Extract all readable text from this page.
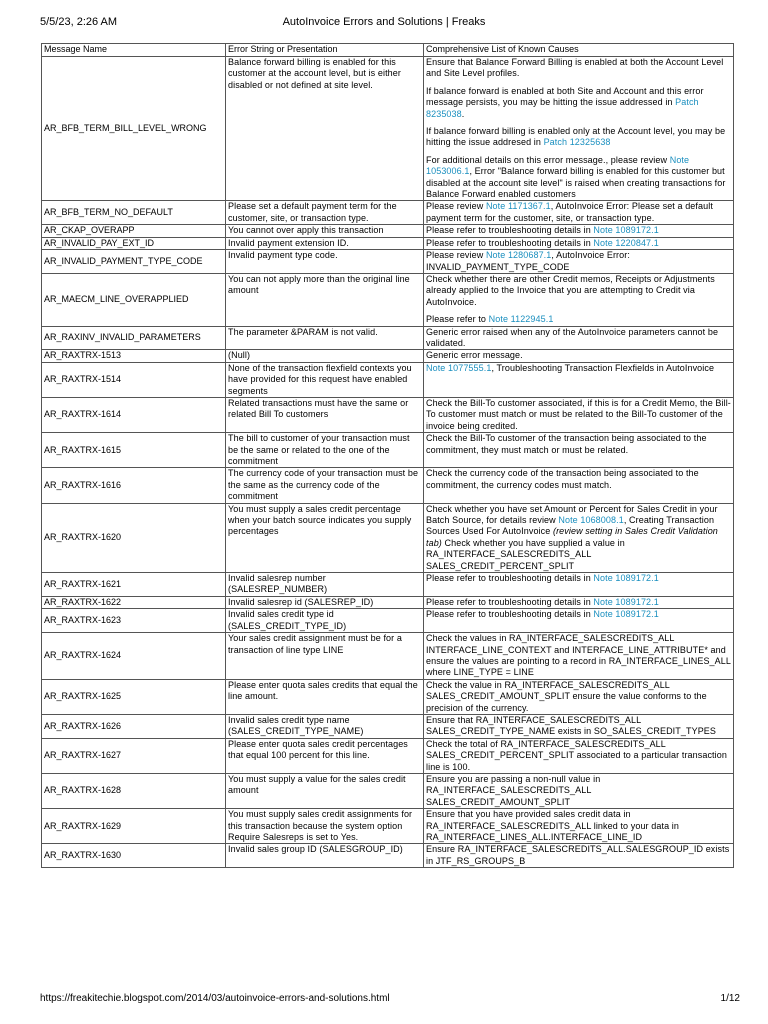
5/5/23, 2:26 AM	AutoInvoice Errors and Solutions | Freaks
Message Name	Error String or Presentation	Comprehensive List of Known Causes
AR_BFB_TERM_BILL_LEVEL_WRONG	Balance forward billing is enabled for this customer at the account level, but is either disabled or not defined at site level.	Ensure that Balance Forward Billing is enabled at both the Account Level and Site Level profiles.

If balance forward is enabled at both Site and Account and this error message persists, you may be hitting the issue addressed in Patch 8235038.

If balance forward billing is enabled only at the Account level, you may be hitting the issue addresed in Patch 12325638

For additional details on this error message., please review Note 1053006.1, Error "Balance forward billing is enabled for this customer but disabled at the account site level" is raised when creating transactions for Balance Forward enabled customers

AR_BFB_TERM_NO_DEFAULT	Please set a default payment term for the customer, site, or transaction type.	Please review Note 1171367.1, AutoInvoice Error: Please set a default payment term for the customer, site, or transaction type.

AR_CKAP_OVERAPP	You cannot over apply this transaction	Please refer to troubleshooting details in Note 1089172.1

AR_INVALID_PAY_EXT_ID	Invalid payment extension ID.	Please refer to troubleshooting details in Note 1220847.1

AR_INVALID_PAYMENT_TYPE_CODE	Invalid payment type code.	Please review Note 1280687.1, AutoInvoice Error: INVALID_PAYMENT_TYPE_CODE

AR_MAECM_LINE_OVERAPPLIED	You can not apply more than the original line amount	Check whether there are other Credit memos, Receipts or Adjustments already applied to the Invoice that you are attempting to Credit via AutoInvoice.

Please refer to Note 1122945.1

AR_RAXINV_INVALID_PARAMETERS	The parameter &PARAM is not valid.	Generic error raised when any of the AutoInvoice parameters cannot be validated.

AR_RAXTRX-1513	(Null)	Generic error message.

AR_RAXTRX-1514	None of the transaction flexfield contexts you have provided for this request have enabled segments	Note 1077555.1, Troubleshooting Transaction Flexfields in AutoInvoice

AR_RAXTRX-1614	Related transactions must have the same or related Bill To customers	Check the Bill-To customer associated, if this is for a Credit Memo, the Bill-To customer must match or must be related to the Bill-To customer of the invoice being credited.

AR_RAXTRX-1615	The bill to customer of your transaction must be the same or related to the one of the commitment	Check the Bill-To customer of the transaction being associated to the commitment, they must match or must be related.

AR_RAXTRX-1616	The currency code of your transaction must be the same as the currency code of the commitment	Check the currency code of the transaction being associated to the commitment, the currency codes must match.

AR_RAXTRX-1620	You must supply a sales credit percentage when your batch source indicates you supply percentages	Check whether you have set Amount or Percent for Sales Credit in your Batch Source, for details review Note 1068008.1, Creating Transaction Sources Used For AutoInvoice (review setting in Sales Credit Validation tab) Check whether you have supplied a value in RA_INTERFACE_SALESCREDITS_ALL SALES_CREDIT_PERCENT_SPLIT

AR_RAXTRX-1621	Invalid salesrep number (SALESREP_NUMBER)	Please refer to troubleshooting details in Note 1089172.1

AR_RAXTRX-1622	Invalid salesrep id (SALESREP_ID)	Please refer to troubleshooting details in Note 1089172.1

AR_RAXTRX-1623	Invalid sales credit type id (SALES_CREDIT_TYPE_ID)	Please refer to troubleshooting details in Note 1089172.1

AR_RAXTRX-1624	Your sales credit assignment must be for a transaction of line type LINE	Check the values in RA_INTERFACE_SALESCREDITS_ALL INTERFACE_LINE_CONTEXT and INTERFACE_LINE_ATTRIBUTE* and ensure the values are pointing to a record in RA_INTERFACE_LINES_ALL where LINE_TYPE = LINE

AR_RAXTRX-1625	Please enter quota sales credits that equal the line amount.	Check the value in RA_INTERFACE_SALESCREDITS_ALL SALES_CREDIT_AMOUNT_SPLIT ensure the value conforms to the precision of the currency.

AR_RAXTRX-1626	Invalid sales credit type name (SALES_CREDIT_TYPE_NAME)	Ensure that RA_INTERFACE_SALESCREDITS_ALL SALES_CREDIT_TYPE_NAME exists in SO_SALES_CREDIT_TYPES

AR_RAXTRX-1627	Please enter quota sales credit percentages that equal 100 percent for this line.	Check the total of RA_INTERFACE_SALESCREDITS_ALL SALES_CREDIT_PERCENT_SPLIT associated to a particular transaction line is 100.

AR_RAXTRX-1628	You must supply a value for the sales credit amount	Ensure you are passing a non-null value in RA_INTERFACE_SALESCREDITS_ALL SALES_CREDIT_AMOUNT_SPLIT

AR_RAXTRX-1629	You must supply sales credit assignments for this transaction because the system option Require Salesreps is set to Yes.	Ensure that you have provided sales credit data in RA_INTERFACE_SALESCREDITS_ALL linked to your data in RA_INTERFACE_LINES_ALL.INTERFACE_LINE_ID

AR_RAXTRX-1630	Invalid sales group ID (SALESGROUP_ID)	Ensure RA_INTERFACE_SALESCREDITS_ALL.SALESGROUP_ID exists in JTF_RS_GROUPS_B

https://freakitechie.blogspot.com/2014/03/autoinvoice-errors-and-solutions.html	1/12
